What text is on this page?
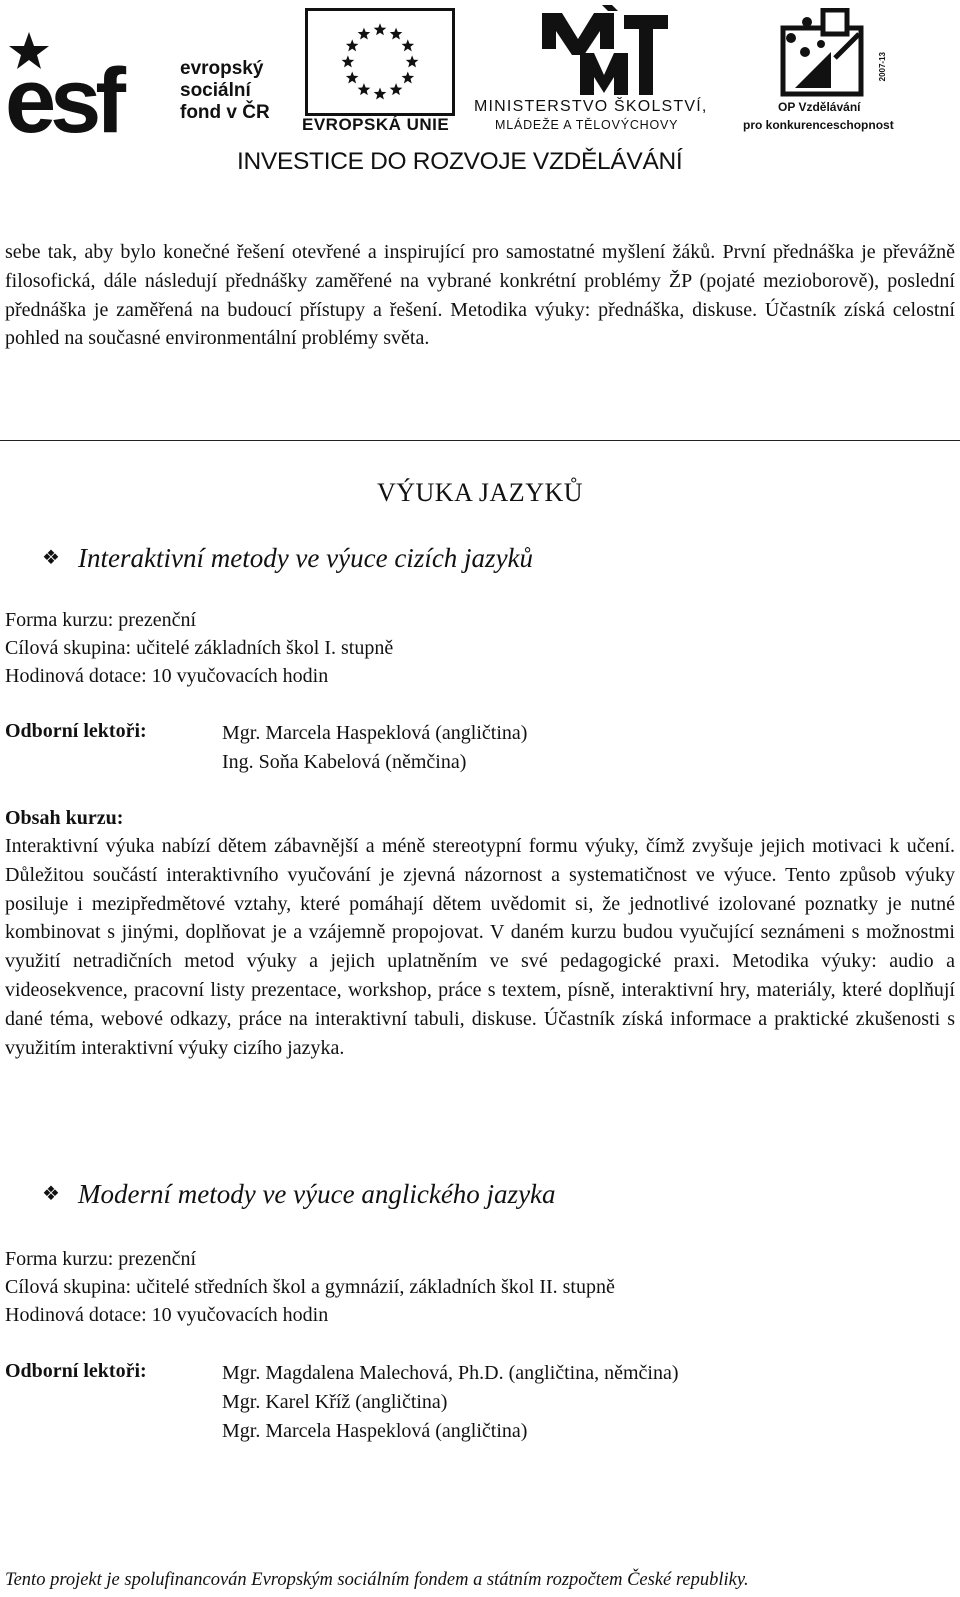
esf	evropský
sociální
fond v ČR
EVROPSKÁ UNIE
MINISTERSTVO ŠKOLSTVÍ,
MLÁDEŽE A TĚLOVÝCHOVY
2007-13
OP Vzdělávání
pro konkurenceschopnost
INVESTICE DO ROZVOJE VZDĚLÁVÁNÍ
sebe tak, aby bylo konečné řešení otevřené a inspirující pro samostatné myšlení žáků. První přednáška je převážně filosofická, dále následují přednášky zaměřené na vybrané konkrétní problémy ŽP (pojaté mezioborově), poslední přednáška je zaměřená na budoucí přístupy a řešení. Metodika výuky: přednáška, diskuse. Účastník získá celostní pohled na současné environmentální problémy světa.
VÝUKA JAZYKŮ
❖ Interaktivní metody ve výuce cizích jazyků
Forma kurzu: prezenční
Cílová skupina: učitelé základních škol I. stupně
Hodinová dotace: 10 vyučovacích hodin
Odborní lektoři:	Mgr. Marcela Haspeklová (angličtina)
Ing. Soňa Kabelová (němčina)
Obsah kurzu:
Interaktivní výuka nabízí dětem zábavnější a méně stereotypní formu výuky, čímž zvyšuje jejich motivaci k učení. Důležitou součástí interaktivního vyučování je zjevná názornost a systematičnost ve výuce. Tento způsob výuky posiluje i mezipředmětové vztahy, které pomáhají dětem uvědomit si, že jednotlivé izolované poznatky je nutné kombinovat s jinými, doplňovat je a vzájemně propojovat. V daném kurzu budou vyučující seznámeni s možnostmi využití netradičních metod výuky a jejich uplatněním ve své pedagogické praxi. Metodika výuky: audio a videosekvence, pracovní listy prezentace, workshop, práce s textem, písně, interaktivní hry, materiály, které doplňují dané téma, webové odkazy, práce na interaktivní tabuli, diskuse. Účastník získá informace a praktické zkušenosti s využitím interaktivní výuky cizího jazyka.
❖ Moderní metody ve výuce anglického jazyka
Forma kurzu: prezenční
Cílová skupina: učitelé středních škol a gymnázií, základních škol II. stupně
Hodinová dotace: 10 vyučovacích hodin
Odborní lektoři:	Mgr. Magdalena Malechová, Ph.D. (angličtina, němčina)
Mgr. Karel Kříž (angličtina)
Mgr. Marcela Haspeklová (angličtina)
Tento projekt je spolufinancován Evropským sociálním fondem a státním rozpočtem České republiky.
